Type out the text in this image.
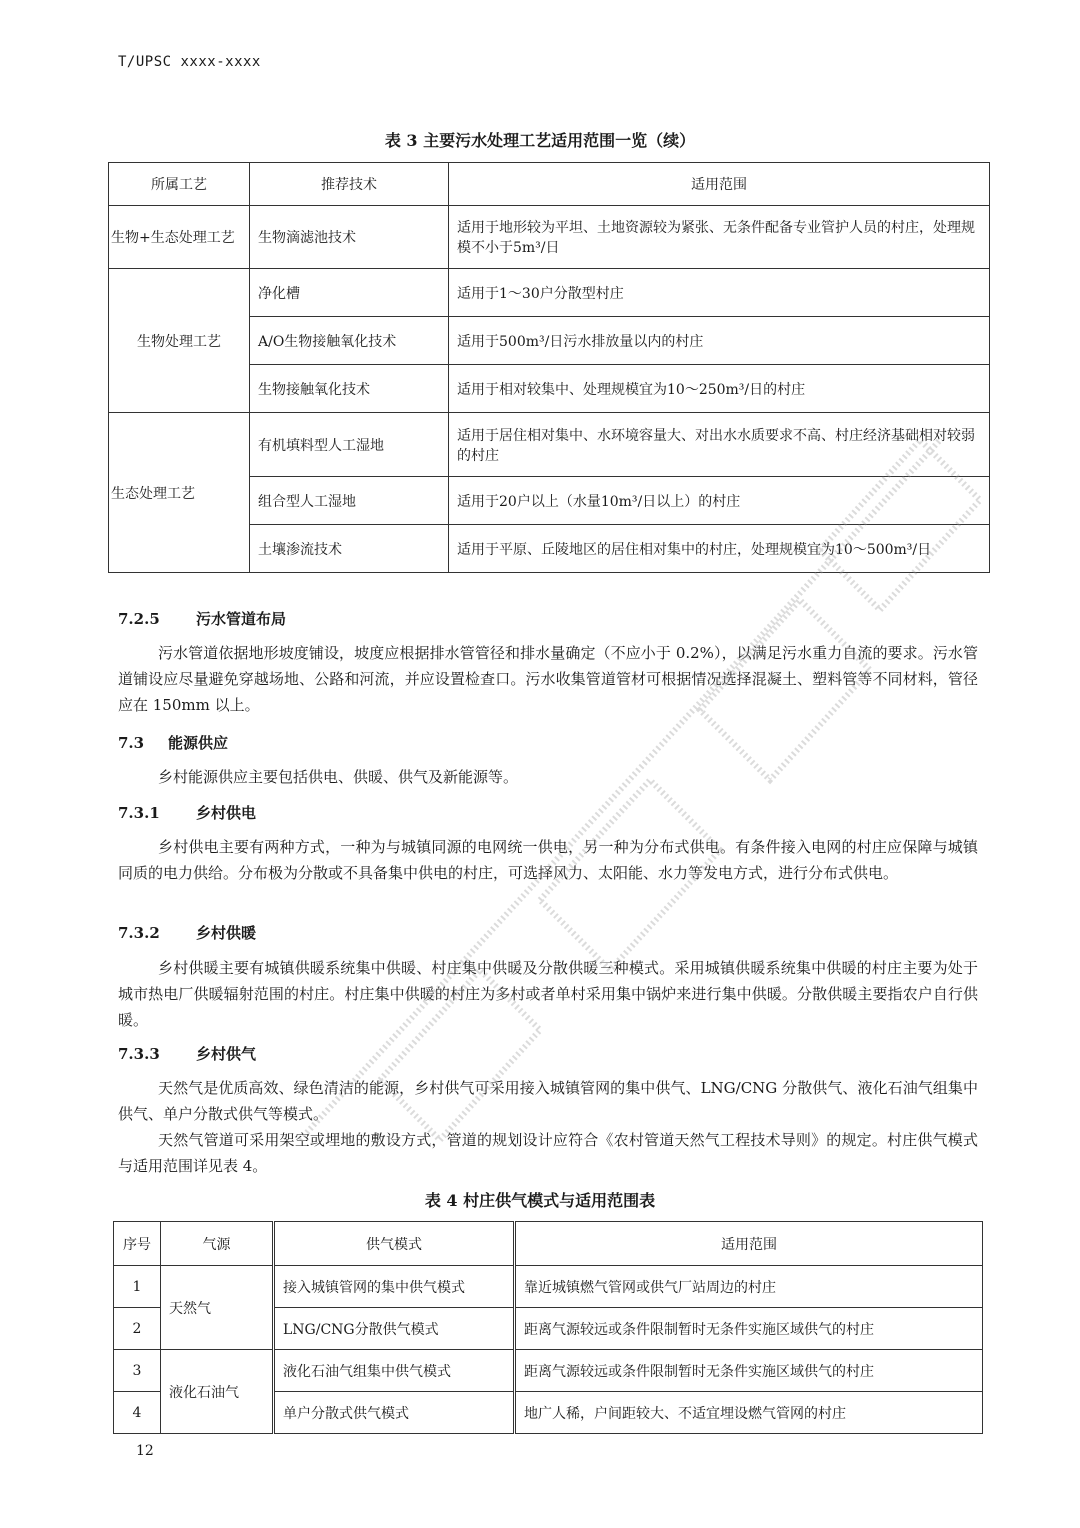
T/UPSC xxxx-xxxx
表 3 主要污水处理工艺适用范围一览（续）
所属工艺	推荐技术	适用范围
生物+生态处理工艺	生物滴滤池技术	适用于地形较为平坦、土地资源较为紧张、无条件配备专业管护人员的村庄，处理规模不小于5m³/日
生物处理工艺	净化槽	适用于1～30户分散型村庄
	A/O生物接触氧化技术	适用于500m³/日污水排放量以内的村庄
	生物接触氧化技术	适用于相对较集中、处理规模宜为10～250m³/日的村庄
生态处理工艺	有机填料型人工湿地	适用于居住相对集中、水环境容量大、对出水水质要求不高、村庄经济基础相对较弱的村庄
	组合型人工湿地	适用于20户以上（水量10m³/日以上）的村庄
	土壤渗流技术	适用于平原、丘陵地区的居住相对集中的村庄，处理规模宜为10～500m³/日
7.2.5 污水管道布局
污水管道依据地形坡度铺设，坡度应根据排水管管径和排水量确定（不应小于 0.2%），以满足污水重力自流的要求。污水管道铺设应尽量避免穿越场地、公路和河流，并应设置检查口。污水收集管道管材可根据情况选择混凝土、塑料管等不同材料，管径应在 150mm 以上。
7.3 能源供应
乡村能源供应主要包括供电、供暖、供气及新能源等。
7.3.1 乡村供电
乡村供电主要有两种方式，一种为与城镇同源的电网统一供电，另一种为分布式供电。有条件接入电网的村庄应保障与城镇同质的电力供给。分布极为分散或不具备集中供电的村庄，可选择风力、太阳能、水力等发电方式，进行分布式供电。
7.3.2 乡村供暖
乡村供暖主要有城镇供暖系统集中供暖、村庄集中供暖及分散供暖三种模式。采用城镇供暖系统集中供暖的村庄主要为处于城市热电厂供暖辐射范围的村庄。村庄集中供暖的村庄为多村或者单村采用集中锅炉来进行集中供暖。分散供暖主要指农户自行供暖。
7.3.3 乡村供气
天然气是优质高效、绿色清洁的能源，乡村供气可采用接入城镇管网的集中供气、LNG/CNG 分散供气、液化石油气组集中供气、单户分散式供气等模式。
天然气管道可采用架空或埋地的敷设方式，管道的规划设计应符合《农村管道天然气工程技术导则》的规定。村庄供气模式与适用范围详见表 4。
表 4 村庄供气模式与适用范围表
序号	气源	供气模式	适用范围
1	天然气	接入城镇管网的集中供气模式	靠近城镇燃气管网或供气厂站周边的村庄
2		LNG/CNG分散供气模式	距离气源较远或条件限制暂时无条件实施区域供气的村庄
3	液化石油气	液化石油气组集中供气模式	距离气源较远或条件限制暂时无条件实施区域供气的村庄
4		单户分散式供气模式	地广人稀，户间距较大、不适宜埋设燃气管网的村庄
12
